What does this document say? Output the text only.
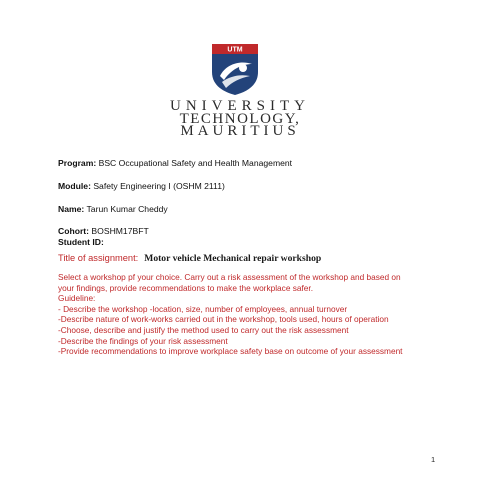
UTM
UNIVERSITY
TECHNOLOGY,
MAURITIUS
Program: BSC Occupational Safety and Health Management
Module: Safety Engineering I (OSHM 2111)
Name: Tarun Kumar Cheddy
Cohort: BOSHM17BFT
Student ID:
Title of assignment: Motor vehicle Mechanical repair workshop

Select a workshop pf your choice. Carry out a risk assessment of the workshop and based on

your findings, provide recommendations to make the workplace safer.

Guideline:

- Describe the workshop -location, size, number of employees, annual turnover

-Describe nature of work-works carried out in the workshop, tools used, hours of operation

-Choose, describe and justify the method used to carry out the risk assessment

-Describe the findings of your risk assessment

-Provide recommendations to improve workplace safety base on outcome of your assessment

1
